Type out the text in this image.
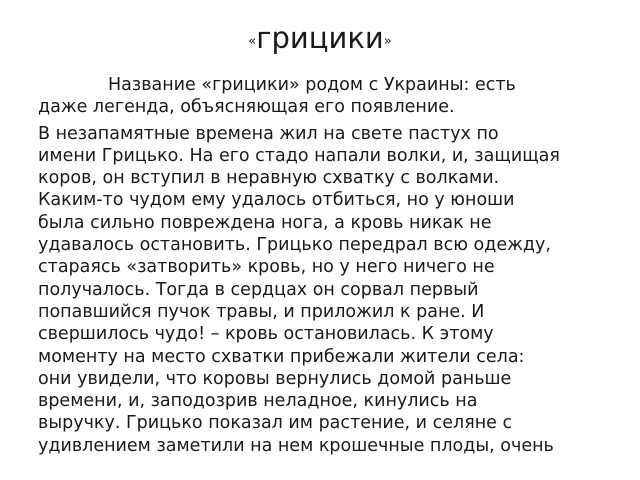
«грицики»

Название «грицики» родом с Украины: есть
даже легенда, объясняющая его появление.

В незапамятные времена жил на свете пастух по
имени Грицько. На его стадо напали волки, и, защищая
коров, он вступил в неравную схватку с волками.
Каким-то чудом ему удалось отбиться, но у юноши
была сильно повреждена нога, а кровь никак не
удавалось остановить. Грицько передрал всю одежду,
стараясь «затворить» кровь, но у него ничего не
получалось. Тогда в сердцах он сорвал первый
попавшийся пучок травы, и приложил к ране. И
свершилось чудо! – кровь остановилась. К этому
моменту на место схватки прибежали жители села:
они увидели, что коровы вернулись домой раньше
времени, и, заподозрив неладное, кинулись на
выручку. Грицько показал им растение, и селяне с
удивлением заметили на нем крошечные плоды, очень
